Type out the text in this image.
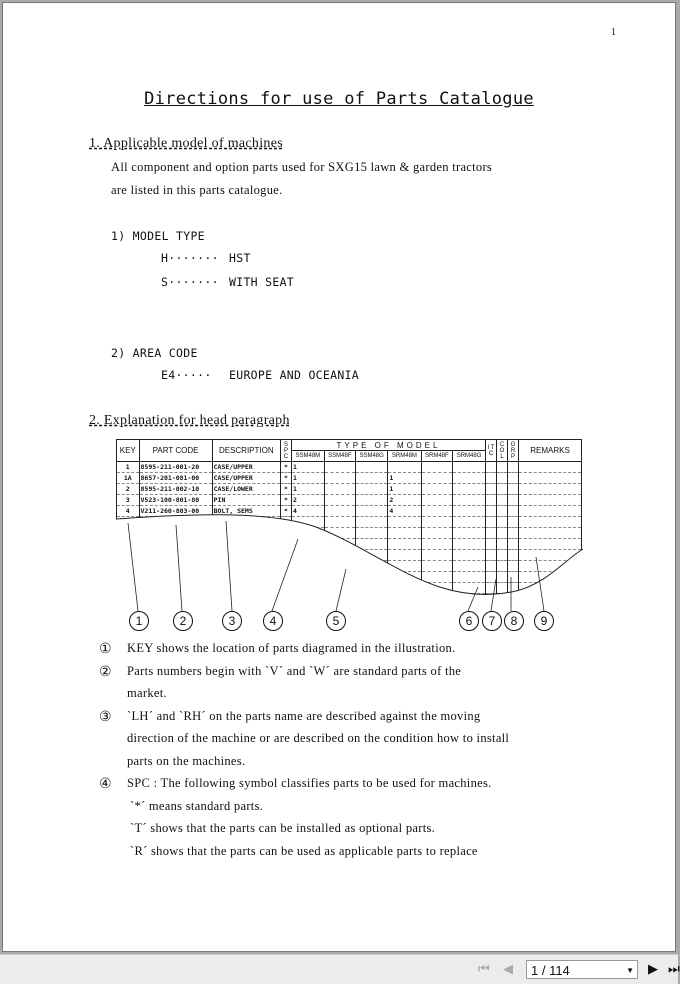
1
Directions for use of Parts Catalogue
1. Applicable model of machines
All component and option parts used for SXG15 lawn & garden tractors
are listed in this parts catalogue.
1) MODEL TYPE
H······· HST
S······· WITH SEAT
2) AREA CODE
E4····· EUROPE AND OCEANIA
2. Explanation for head paragraph
KEY	PART CODE	DESCRIPTION	S P C	TYPE OF MODEL						I T C	C O L	G R P	REMARKS
				SSM48M	SSM48F	SSM48G	SRM48M	SRM48F	SRM48G				
1	8595-211-001-20	CASE/UPPER	*	1									
1A	8657-201-081-00	CASE/UPPER	*	1			1						
2	8595-211-002-10	CASE/LOWER	*	1			1						
3	V523-100-801-80	PIN	*	2			2						
4	V211-260-803-00	BOLT, SEMS	*	4			4						

1	2	3	4	5	6	7	8	9
① KEY shows the location of parts diagramed in the illustration.
② Parts numbers begin with `V´ and `W´ are standard parts of the
market.
③ `LH´ and `RH´ on the parts name are described against the moving
direction of the machine or are described on the condition how to install
parts on the machines.
④ SPC : The following symbol classifies parts to be used for machines.
`*´ means standard parts.
`T´ shows that the parts can be installed as optional parts.
`R´ shows that the parts can be used as applicable parts to replace
⏮ ◀	1 / 114	▼ ▶ ⏭
